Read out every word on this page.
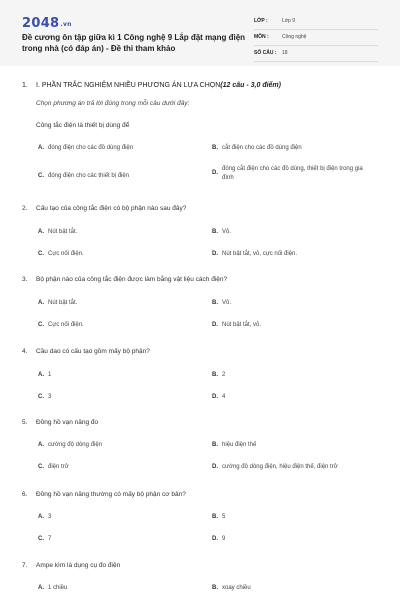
2048.vn
Đề cương ôn tập giữa kì 1 Công nghệ 9 Lắp đặt mạng điện trong nhà (có đáp án) - Đề thi tham khảo
LỚP :	Lớp 9
MÔN :	Công nghệ
SỐ CÂU : 18
1. I. PHẦN TRẮC NGHIỆM NHIỀU PHƯƠNG ÁN LỰA CHỌN(12 câu - 3,0 điểm)
Chọn phương án trả lời đúng trong mỗi câu dưới đây:
Công tắc điện là thiết bị dùng để
A. đóng điện cho các đồ dùng điện	B. cắt điện cho các đồ dùng điện
C. đóng điện cho các thiết bị điện	D.
đóng cắt điện cho các đồ dùng, thiết bị điện trong gia đình
2. Cấu tạo của công tắc điện có bộ phận nào sau đây?
A. Nút bật tắt.	B. Vỏ.
C. Cực nối điện.	D. Nút bật tắt, vỏ, cực nối điện.
3. Bộ phận nào của công tắc điện được làm bằng vật liệu cách điện?
A. Nút bật tắt.	B. Vỏ.
C. Cực nối điện.	D. Nút bật tắt, vỏ.
4. Cầu dao có cấu tạo gồm mấy bộ phận?
A. 1	B. 2
C. 3	D. 4
5. Đồng hồ vạn năng đo
A. cường độ dòng điện	B. hiệu điện thế
C. điện trở	D. cường độ dòng điện, hiệu điện thế, điện trở
6. Đồng hồ vạn năng thường có mấy bộ phận cơ bản?
A. 3	B. 5
C. 7	D. 9
7. Ampe kìm là dụng cụ đo điện
A. 1 chiều	B. xoay chiều
